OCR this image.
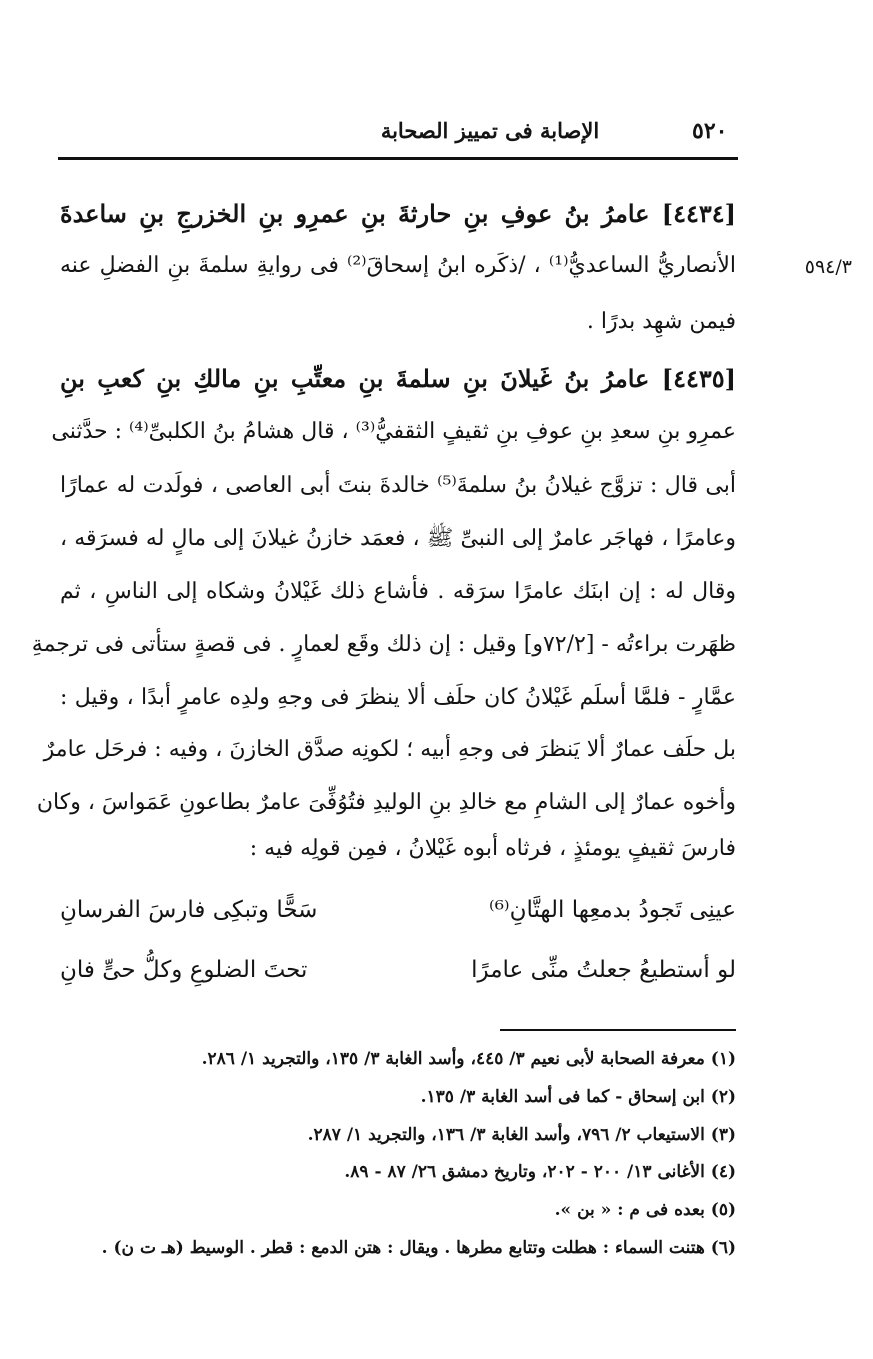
٥٢٠
الإصابة فى تمييز الصحابة
٥٩٤/٣
[٤٤٣٤] عامرُ بنُ عوفِ بنِ حارثةَ بنِ عمرِو بنِ الخزرجِ بنِ ساعدةَ
الأنصاريُّ الساعديُّ⁽¹⁾ ، /ذكَره ابنُ إسحاقَ⁽²⁾ فى روايةِ سلمةَ بنِ الفضلِ عنه
فيمن شهِد بدرًا .
[٤٤٣٥] عامرُ بنُ غَيلانَ بنِ سلمةَ بنِ معتِّبِ بنِ مالكِ بنِ كعبِ بنِ
عمرِو بنِ سعدِ بنِ عوفِ بنِ ثقيفٍ الثقفيُّ⁽³⁾ ، قال هشامُ بنُ الكلبىِّ⁽⁴⁾ : حدَّثنى
أبى قال : تزوَّج غيلانُ بنُ سلمةَ⁽⁵⁾ خالدةَ بنتَ أبى العاصى ، فولَدت له عمارًا
وعامرًا ، فهاجَر عامرٌ إلى النبىِّ ﷺ ، فعمَد خازنُ غيلانَ إلى مالٍ له فسرَقه ،
وقال له : إن ابنَك عامرًا سرَقه . فأشاع ذلك غَيْلانُ وشكاه إلى الناسِ ، ثم
ظهَرت براءتُه - [٧٢/٢و] وقيل : إن ذلك وقَع لعمارٍ . فى قصةٍ ستأتى فى ترجمةِ
عمَّارٍ - فلمَّا أسلَم غَيْلانُ كان حلَف ألا ينظرَ فى وجهِ ولدِه عامرٍ أبدًا ، وقيل :
بل حلَف عمارٌ ألا يَنظرَ فى وجهِ أبيه ؛ لكونِه صدَّق الخازنَ ، وفيه : فرحَل عامرٌ
وأخوه عمارٌ إلى الشامِ مع خالدِ بنِ الوليدِ فتُوُفِّىَ عامرٌ بطاعونِ عَمَواسَ ، وكان
فارسَ ثقيفٍ يومئذٍ ، فرثاه أبوه غَيْلانُ ، فمِن قولِه فيه :
عينِى تَجودُ بدمعِها الهتَّانِ⁽⁶⁾
سَحًّا وتبكِى فارسَ الفرسانِ
لو أستطيعُ جعلتُ منِّى عامرًا
تحتَ الضلوعِ وكلُّ حىٍّ فانِ
(١) معرفة الصحابة لأبى نعيم ٣/ ٤٤٥، وأسد الغابة ٣/ ١٣٥، والتجريد ١/ ٢٨٦.
(٢) ابن إسحاق - كما فى أسد الغابة ٣/ ١٣٥.
(٣) الاستيعاب ٢/ ٧٩٦، وأسد الغابة ٣/ ١٣٦، والتجريد ١/ ٢٨٧.
(٤) الأغانى ١٣/ ٢٠٠ - ٢٠٢، وتاريخ دمشق ٢٦/ ٨٧ - ٨٩.
(٥) بعده فى م : « بن ».
(٦) هتنت السماء : هطلت وتتابع مطرها . ويقال : هتن الدمع : قطر . الوسيط (هـ ت ن) .
